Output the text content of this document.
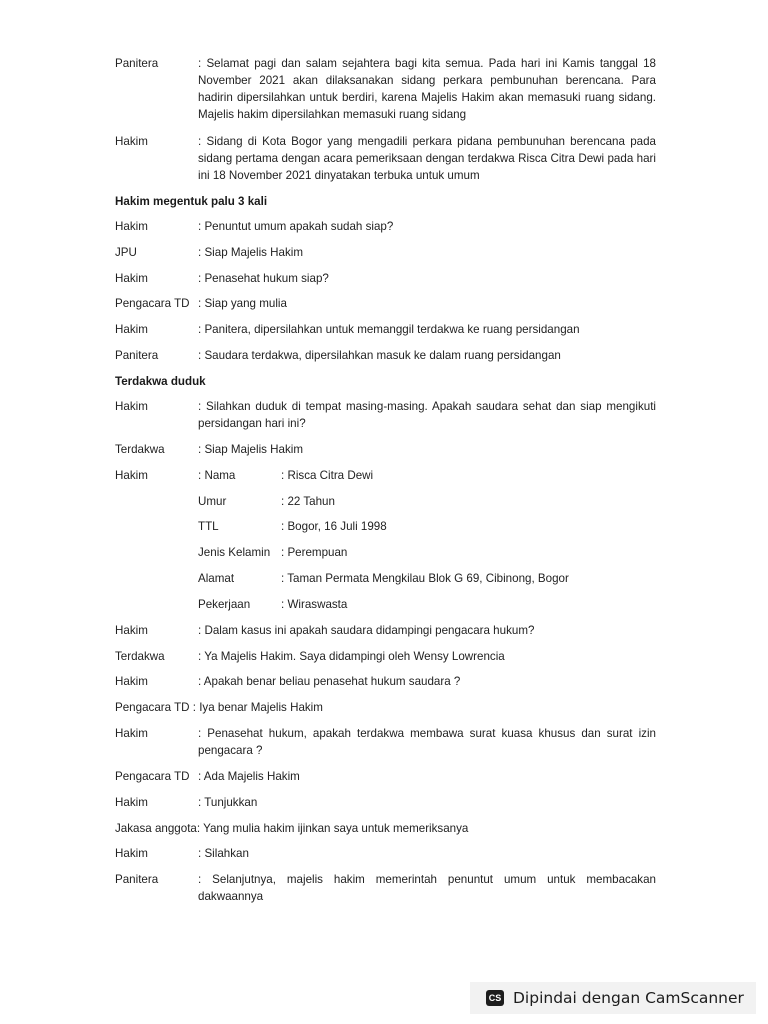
Panitera	: Selamat pagi dan salam sejahtera bagi kita semua. Pada hari ini Kamis tanggal 18 November 2021 akan dilaksanakan sidang perkara pembunuhan berencana. Para hadirin dipersilahkan untuk berdiri, karena Majelis Hakim akan memasuki ruang sidang. Majelis hakim dipersilahkan memasuki ruang sidang
Hakim	: Sidang di Kota Bogor yang mengadili perkara pidana pembunuhan berencana pada sidang pertama dengan acara pemeriksaan dengan terdakwa Risca Citra Dewi pada hari ini 18 November 2021 dinyatakan terbuka untuk umum
Hakim megentuk palu 3 kali
Hakim	: Penuntut umum apakah sudah siap?
JPU	: Siap Majelis Hakim
Hakim	: Penasehat hukum siap?
Pengacara TD : Siap yang mulia
Hakim	: Panitera, dipersilahkan untuk memanggil terdakwa ke ruang persidangan
Panitera	: Saudara terdakwa, dipersilahkan masuk ke dalam ruang persidangan
Terdakwa duduk
Hakim	: Silahkan duduk di tempat masing-masing. Apakah saudara sehat dan siap mengikuti persidangan hari ini?
Terdakwa	: Siap Majelis Hakim
Hakim	: Nama	: Risca Citra Dewi
Umur	: 22 Tahun
TTL	: Bogor, 16 Juli 1998
Jenis Kelamin : Perempuan
Alamat	: Taman Permata Mengkilau Blok G 69, Cibinong, Bogor
Pekerjaan	: Wiraswasta
Hakim	: Dalam kasus ini apakah saudara didampingi pengacara hukum?
Terdakwa	: Ya Majelis Hakim. Saya didampingi oleh Wensy Lowrencia
Hakim	: Apakah benar beliau penasehat hukum saudara ?
Pengacara TD : Iya benar Majelis Hakim
Hakim	: Penasehat hukum, apakah terdakwa membawa surat kuasa khusus dan surat izin pengacara ?
Pengacara TD : Ada Majelis Hakim
Hakim	: Tunjukkan
Jakasa anggota: Yang mulia hakim ijinkan saya untuk memeriksanya
Hakim	: Silahkan
Panitera	: Selanjutnya, majelis hakim memerintah penuntut umum untuk membacakan dakwaannya
CS Dipindai dengan CamScanner
